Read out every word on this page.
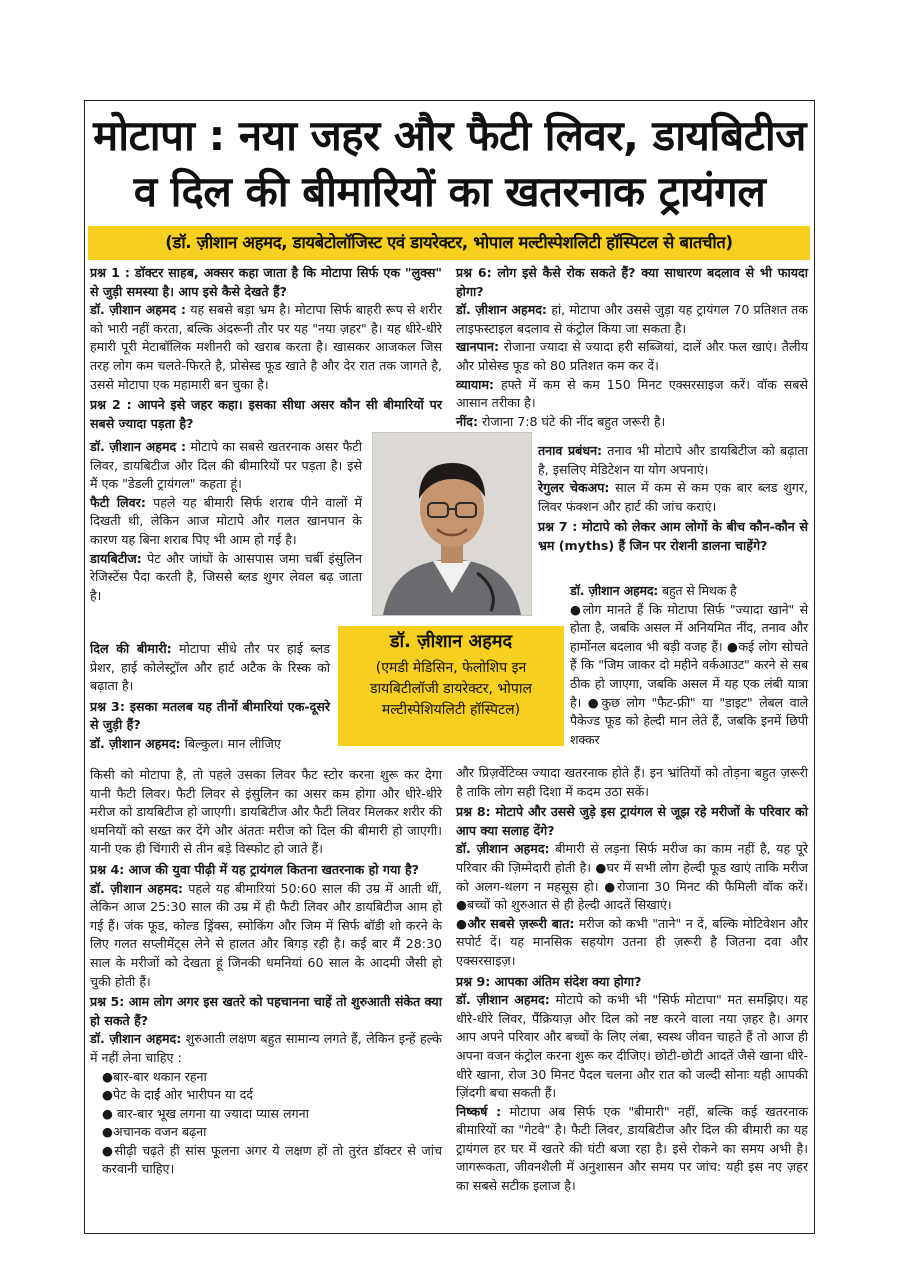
मोटापा : नया जहर और फैटी लिवर, डायबिटीज
व दिल की बीमारियों का खतरनाक ट्रायंगल
(डॉ. ज़ीशान अहमद, डायबेटोलॉजिस्ट एवं डायरेक्टर, भोपाल मल्टीस्पेशलिटी हॉस्पिटल से बातचीत)

प्रश्न 1 : डॉक्टर साहब, अक्सर कहा जाता है कि मोटापा सिर्फ एक "लुक्स" से जुड़ी समस्या है। आप इसे कैसे देखते हैं?

डॉ. ज़ीशान अहमद : यह सबसे बड़ा भ्रम है। मोटापा सिर्फ बाहरी रूप से शरीर को भारी नहीं करता, बल्कि अंदरूनी तौर पर यह "नया ज़हर" है। यह धीरे-धीरे हमारी पूरी मेटाबॉलिक मशीनरी को खराब करता है। खासकर आजकल जिस तरह लोग कम चलते-फिरते है, प्रोसेस्ड फूड खाते है और देर रात तक जागते है, उससे मोटापा एक महामारी बन चुका है।

प्रश्न 2 : आपने इसे जहर कहा। इसका सीधा असर कौन सी बीमारियों पर सबसे ज्यादा पड़ता है?

डॉ. ज़ीशान अहमद : मोटापे का सबसे खतरनाक असर फैटी लिवर, डायबिटीज और दिल की बीमारियों पर पड़ता है। इसे मैं एक "डेडली ट्रायंगल" कहता हूं।

फैटी लिवर: पहले यह बीमारी सिर्फ शराब पीने वालों में दिखती थी, लेकिन आज मोटापे और गलत खानपान के कारण यह बिना शराब पिए भी आम हो गई है।

डायबिटीज: पेट और जांघों के आसपास जमा चर्बी इंसुलिन रेजिस्टेंस पैदा करती है, जिससे ब्लड शुगर लेवल बढ़ जाता है।

दिल की बीमारी: मोटापा सीधे तौर पर हाई ब्लड प्रेशर, हाई कोलेस्ट्रॉल और हार्ट अटैक के रिस्क को बढ़ाता है।

प्रश्न 3: इसका मतलब यह तीनों बीमारियां एक-दूसरे से जुड़ी हैं?

डॉ. ज़ीशान अहमद: बिल्कुल। मान लीजिए

किसी को मोटापा है, तो पहले उसका लिवर फैट स्टोर करना शुरू कर देगा यानी फैटी लिवर। फैटी लिवर से इंसुलिन का असर कम होगा और धीरे-धीरे मरीज को डायबिटीज हो जाएगी। डायबिटीज और फैटी लिवर मिलकर शरीर की धमनियों को सख्त कर देंगे और अंततः मरीज को दिल की बीमारी हो जाएगी। यानी एक ही चिंगारी से तीन बड़े विस्फोट हो जाते हैं।

प्रश्न 4: आज की युवा पीढ़ी में यह ट्रायंगल कितना खतरनाक हो गया है?

डॉ. ज़ीशान अहमद: पहले यह बीमारियां 50:60 साल की उम्र में आती थीं, लेकिन आज 25:30 साल की उम्र में ही फैटी लिवर और डायबिटीज आम हो गई हैं। जंक फूड, कोल्ड ड्रिंक्स, स्मोकिंग और जिम में सिर्फ बॉडी शो करने के लिए गलत सप्लीमेंट्स लेने से हालत और बिगड़ रही है। कई बार मैं 28:30 साल के मरीजों को देखता हूं जिनकी धमनियां 60 साल के आदमी जैसी हो चुकी होती हैं।

प्रश्न 5: आम लोग अगर इस खतरे को पहचानना चाहें तो शुरुआती संकेत क्या हो सकते हैं?

डॉ. ज़ीशान अहमद: शुरुआती लक्षण बहुत सामान्य लगते हैं, लेकिन इन्हें हल्के में नहीं लेना चाहिए :

●बार-बार थकान रहना
●पेट के दाईं ओर भारीपन या दर्द
● बार-बार भूख लगना या ज्यादा प्यास लगना
●अचानक वजन बढ़ना
●सीढ़ी चढ़ते ही सांस फूलना अगर ये लक्षण हों तो तुरंत डॉक्टर से जांच करवानी चाहिए।
डॉ. ज़ीशान अहमद
(एमडी मेडिसिन, फेलोशिप इन डायबिटीलॉजी डायरेक्टर, भोपाल मल्टीस्पेशियलिटी हॉस्पिटल)

प्रश्न 6: लोग इसे कैसे रोक सकते हैं? क्या साधारण बदलाव से भी फायदा होगा?

डॉ. ज़ीशान अहमद: हां, मोटापा और उससे जुड़ा यह ट्रायंगल 70 प्रतिशत तक लाइफस्टाइल बदलाव से कंट्रोल किया जा सकता है।

खानपान: रोजाना ज्यादा से ज्यादा हरी सब्जियां, दालें और फल खाएं। तैलीय और प्रोसेस्ड फूड को 80 प्रतिशत कम कर दें।

व्यायाम: हफ्ते में कम से कम 150 मिनट एक्सरसाइज करें। वॉक सबसे आसान तरीका है।

नींद: रोजाना 7:8 घंटे की नींद बहुत जरूरी है।

तनाव प्रबंधन: तनाव भी मोटापे और डायबिटीज को बढ़ाता है, इसलिए मेडिटेशन या योग अपनाएं।

रेगुलर चेकअप: साल में कम से कम एक बार ब्लड शुगर, लिवर फंक्शन और हार्ट की जांच कराएं।

प्रश्न 7 : मोटापे को लेकर आम लोगों के बीच कौन-कौन से भ्रम (myths) हैं जिन पर रोशनी डालना चाहेंगे?

डॉ. ज़ीशान अहमद: बहुत से मिथक है

●लोग मानते हैं कि मोटापा सिर्फ "ज्यादा खाने" से होता है, जबकि असल में अनियमित नींद, तनाव और हार्मोनल बदलाव भी बड़ी वजह हैं। ●कई लोग सोचते हैं कि "जिम जाकर दो महीने वर्कआउट" करने से सब ठीक हो जाएगा, जबकि असल में यह एक लंबी यात्रा है। ●कुछ लोग "फैट-फ्री" या "डाइट" लेबल वाले पैकेज्ड फूड को हेल्दी मान लेते हैं, जबकि इनमें छिपी शक्कर

और प्रिज़र्वेटिव्स ज्यादा खतरनाक होते हैं। इन भ्रांतियों को तोड़ना बहुत ज़रूरी है ताकि लोग सही दिशा में कदम उठा सकें।

प्रश्न 8: मोटापे और उससे जुड़े इस ट्रायंगल से जूझ रहे मरीजों के परिवार को आप क्या सलाह देंगे?

डॉ. ज़ीशान अहमद: बीमारी से लड़ना सिर्फ मरीज का काम नहीं है, यह पूरे परिवार की ज़िम्मेदारी होती है। ●घर में सभी लोग हेल्दी फूड खाएं ताकि मरीज को अलग-थलग न महसूस हो। ●रोजाना 30 मिनट की फैमिली वॉक करें। ●बच्चों को शुरुआत से ही हेल्दी आदतें सिखाएं।

●और सबसे ज़रूरी बात: मरीज को कभी "ताने" न दें, बल्कि मोटिवेशन और सपोर्ट दें। यह मानसिक सहयोग उतना ही ज़रूरी है जितना दवा और एक्सरसाइज़।

प्रश्न 9: आपका अंतिम संदेश क्या होगा?

डॉ. ज़ीशान अहमद: मोटापे को कभी भी "सिर्फ मोटापा" मत समझिए। यह धीरे-धीरे लिवर, पैंक्रियाज़ और दिल को नष्ट करने वाला नया ज़हर है। अगर आप अपने परिवार और बच्चों के लिए लंबा, स्वस्थ जीवन चाहते हैं तो आज ही अपना वजन कंट्रोल करना शुरू कर दीजिए। छोटी-छोटी आदतें जैसे खाना धीरे-धीरे खाना, रोज 30 मिनट पैदल चलना और रात को जल्दी सोनाः यही आपकी ज़िंदगी बचा सकती हैं।

निष्कर्ष : मोटापा अब सिर्फ एक "बीमारी" नहीं, बल्कि कई खतरनाक बीमारियों का "गेटवे" है। फैटी लिवर, डायबिटीज और दिल की बीमारी का यह ट्रायंगल हर घर में खतरे की घंटी बजा रहा है। इसे रोकने का समय अभी है। जागरूकता, जीवनशैली में अनुशासन और समय पर जांच: यही इस नए ज़हर का सबसे सटीक इलाज है।
